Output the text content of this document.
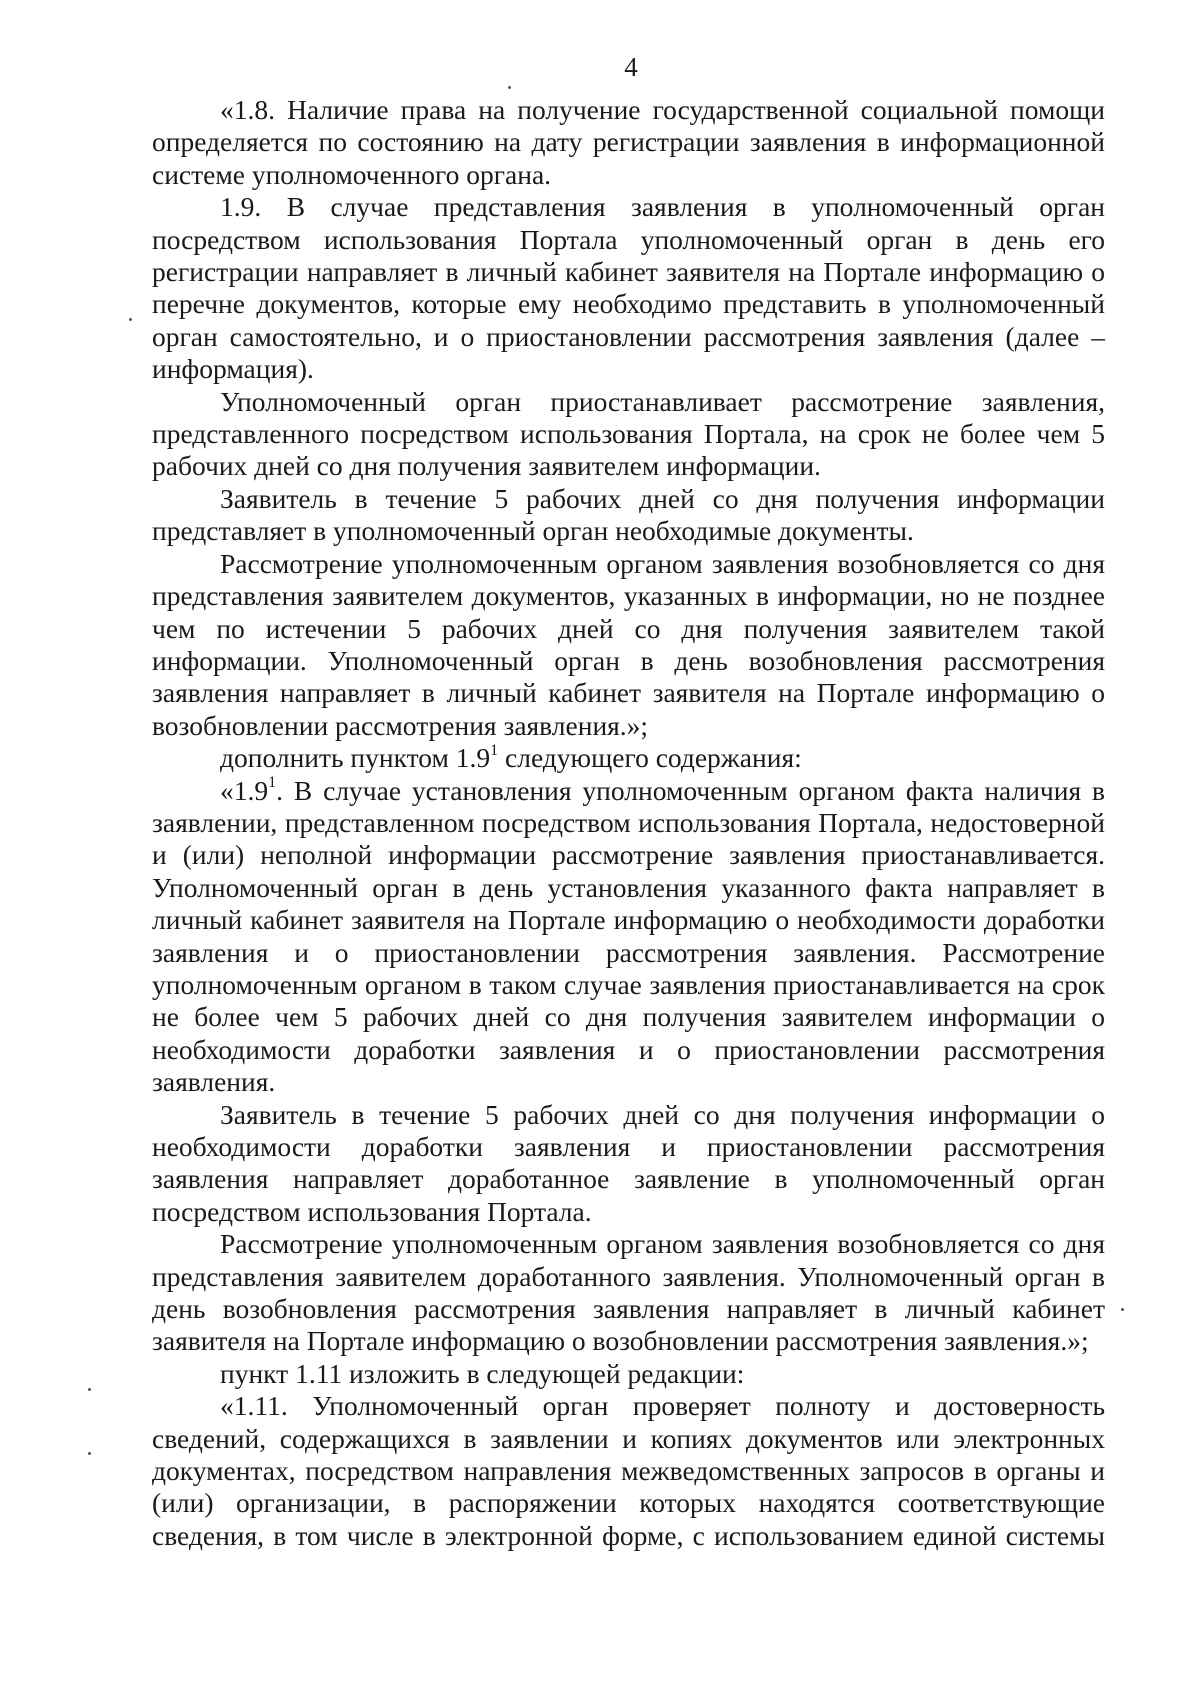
4

«1.8. Наличие права на получение государственной социальной помощи определяется по состоянию на дату регистрации заявления в информационной системе уполномоченного органа.

1.9. В случае представления заявления в уполномоченный орган посредством использования Портала уполномоченный орган в день его регистрации направляет в личный кабинет заявителя на Портале информацию о перечне документов, которые ему необходимо представить в уполномоченный орган самостоятельно, и о приостановлении рассмотрения заявления (далее – информация).

Уполномоченный орган приостанавливает рассмотрение заявления, представленного посредством использования Портала, на срок не более чем 5 рабочих дней со дня получения заявителем информации.

Заявитель в течение 5 рабочих дней со дня получения информации представляет в уполномоченный орган необходимые документы.

Рассмотрение уполномоченным органом заявления возобновляется со дня представления заявителем документов, указанных в информации, но не позднее чем по истечении 5 рабочих дней со дня получения заявителем такой информации. Уполномоченный орган в день возобновления рассмотрения заявления направляет в личный кабинет заявителя на Портале информацию о возобновлении рассмотрения заявления.»;

дополнить пунктом $1.9^1$ следующего содержания:

«$1.9^1$. В случае установления уполномоченным органом факта наличия в заявлении, представленном посредством использования Портала, недостоверной и (или) неполной информации рассмотрение заявления приостанавливается. Уполномоченный орган в день установления указанного факта направляет в личный кабинет заявителя на Портале информацию о необходимости доработки заявления и о приостановлении рассмотрения заявления. Рассмотрение уполномоченным органом в таком случае заявления приостанавливается на срок не более чем 5 рабочих дней со дня получения заявителем информации о необходимости доработки заявления и о приостановлении рассмотрения заявления.

Заявитель в течение 5 рабочих дней со дня получения информации о необходимости доработки заявления и приостановлении рассмотрения заявления направляет доработанное заявление в уполномоченный орган посредством использования Портала.

Рассмотрение уполномоченным органом заявления возобновляется со дня представления заявителем доработанного заявления. Уполномоченный орган в день возобновления рассмотрения заявления направляет в личный кабинет заявителя на Портале информацию о возобновлении рассмотрения заявления.»;

пункт 1.11 изложить в следующей редакции:

«1.11. Уполномоченный орган проверяет полноту и достоверность сведений, содержащихся в заявлении и копиях документов или электронных документах, посредством направления межведомственных запросов в органы и (или) организации, в распоряжении которых находятся соответствующие сведения, в том числе в электронной форме, с использованием единой системы
